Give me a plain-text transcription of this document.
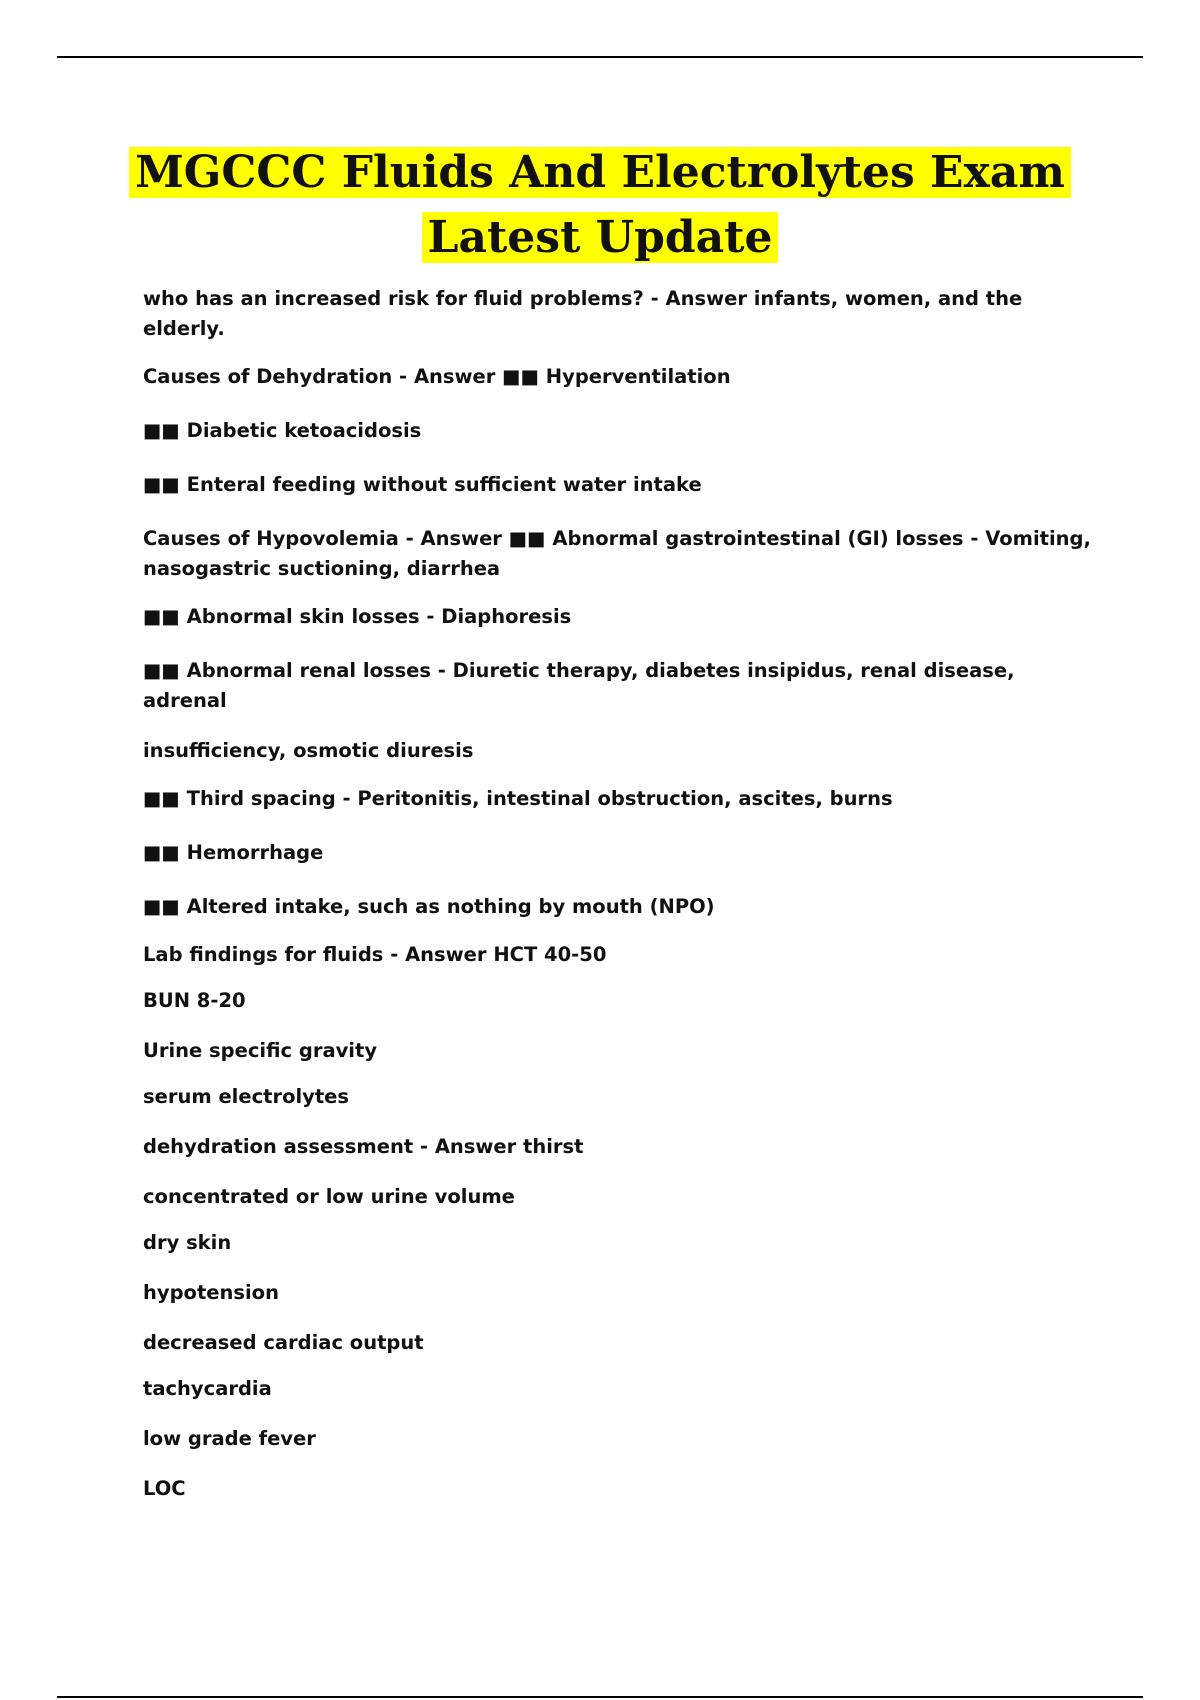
MGCCC Fluids And Electrolytes Exam
Latest Update

who has an increased risk for fluid problems? - Answer infants, women, and the elderly.

Causes of Dehydration - Answer ■■ Hyperventilation

■■ Diabetic ketoacidosis

■■ Enteral feeding without sufficient water intake

Causes of Hypovolemia - Answer ■■ Abnormal gastrointestinal (GI) losses - Vomiting, nasogastric suctioning, diarrhea

■■ Abnormal skin losses - Diaphoresis

■■ Abnormal renal losses - Diuretic therapy, diabetes insipidus, renal disease, adrenal

insufficiency, osmotic diuresis

■■ Third spacing - Peritonitis, intestinal obstruction, ascites, burns

■■ Hemorrhage

■■ Altered intake, such as nothing by mouth (NPO)

Lab findings for fluids - Answer HCT 40-50

BUN 8-20

Urine specific gravity

serum electrolytes

dehydration assessment - Answer thirst

concentrated or low urine volume

dry skin

hypotension

decreased cardiac output

tachycardia

low grade fever

LOC
